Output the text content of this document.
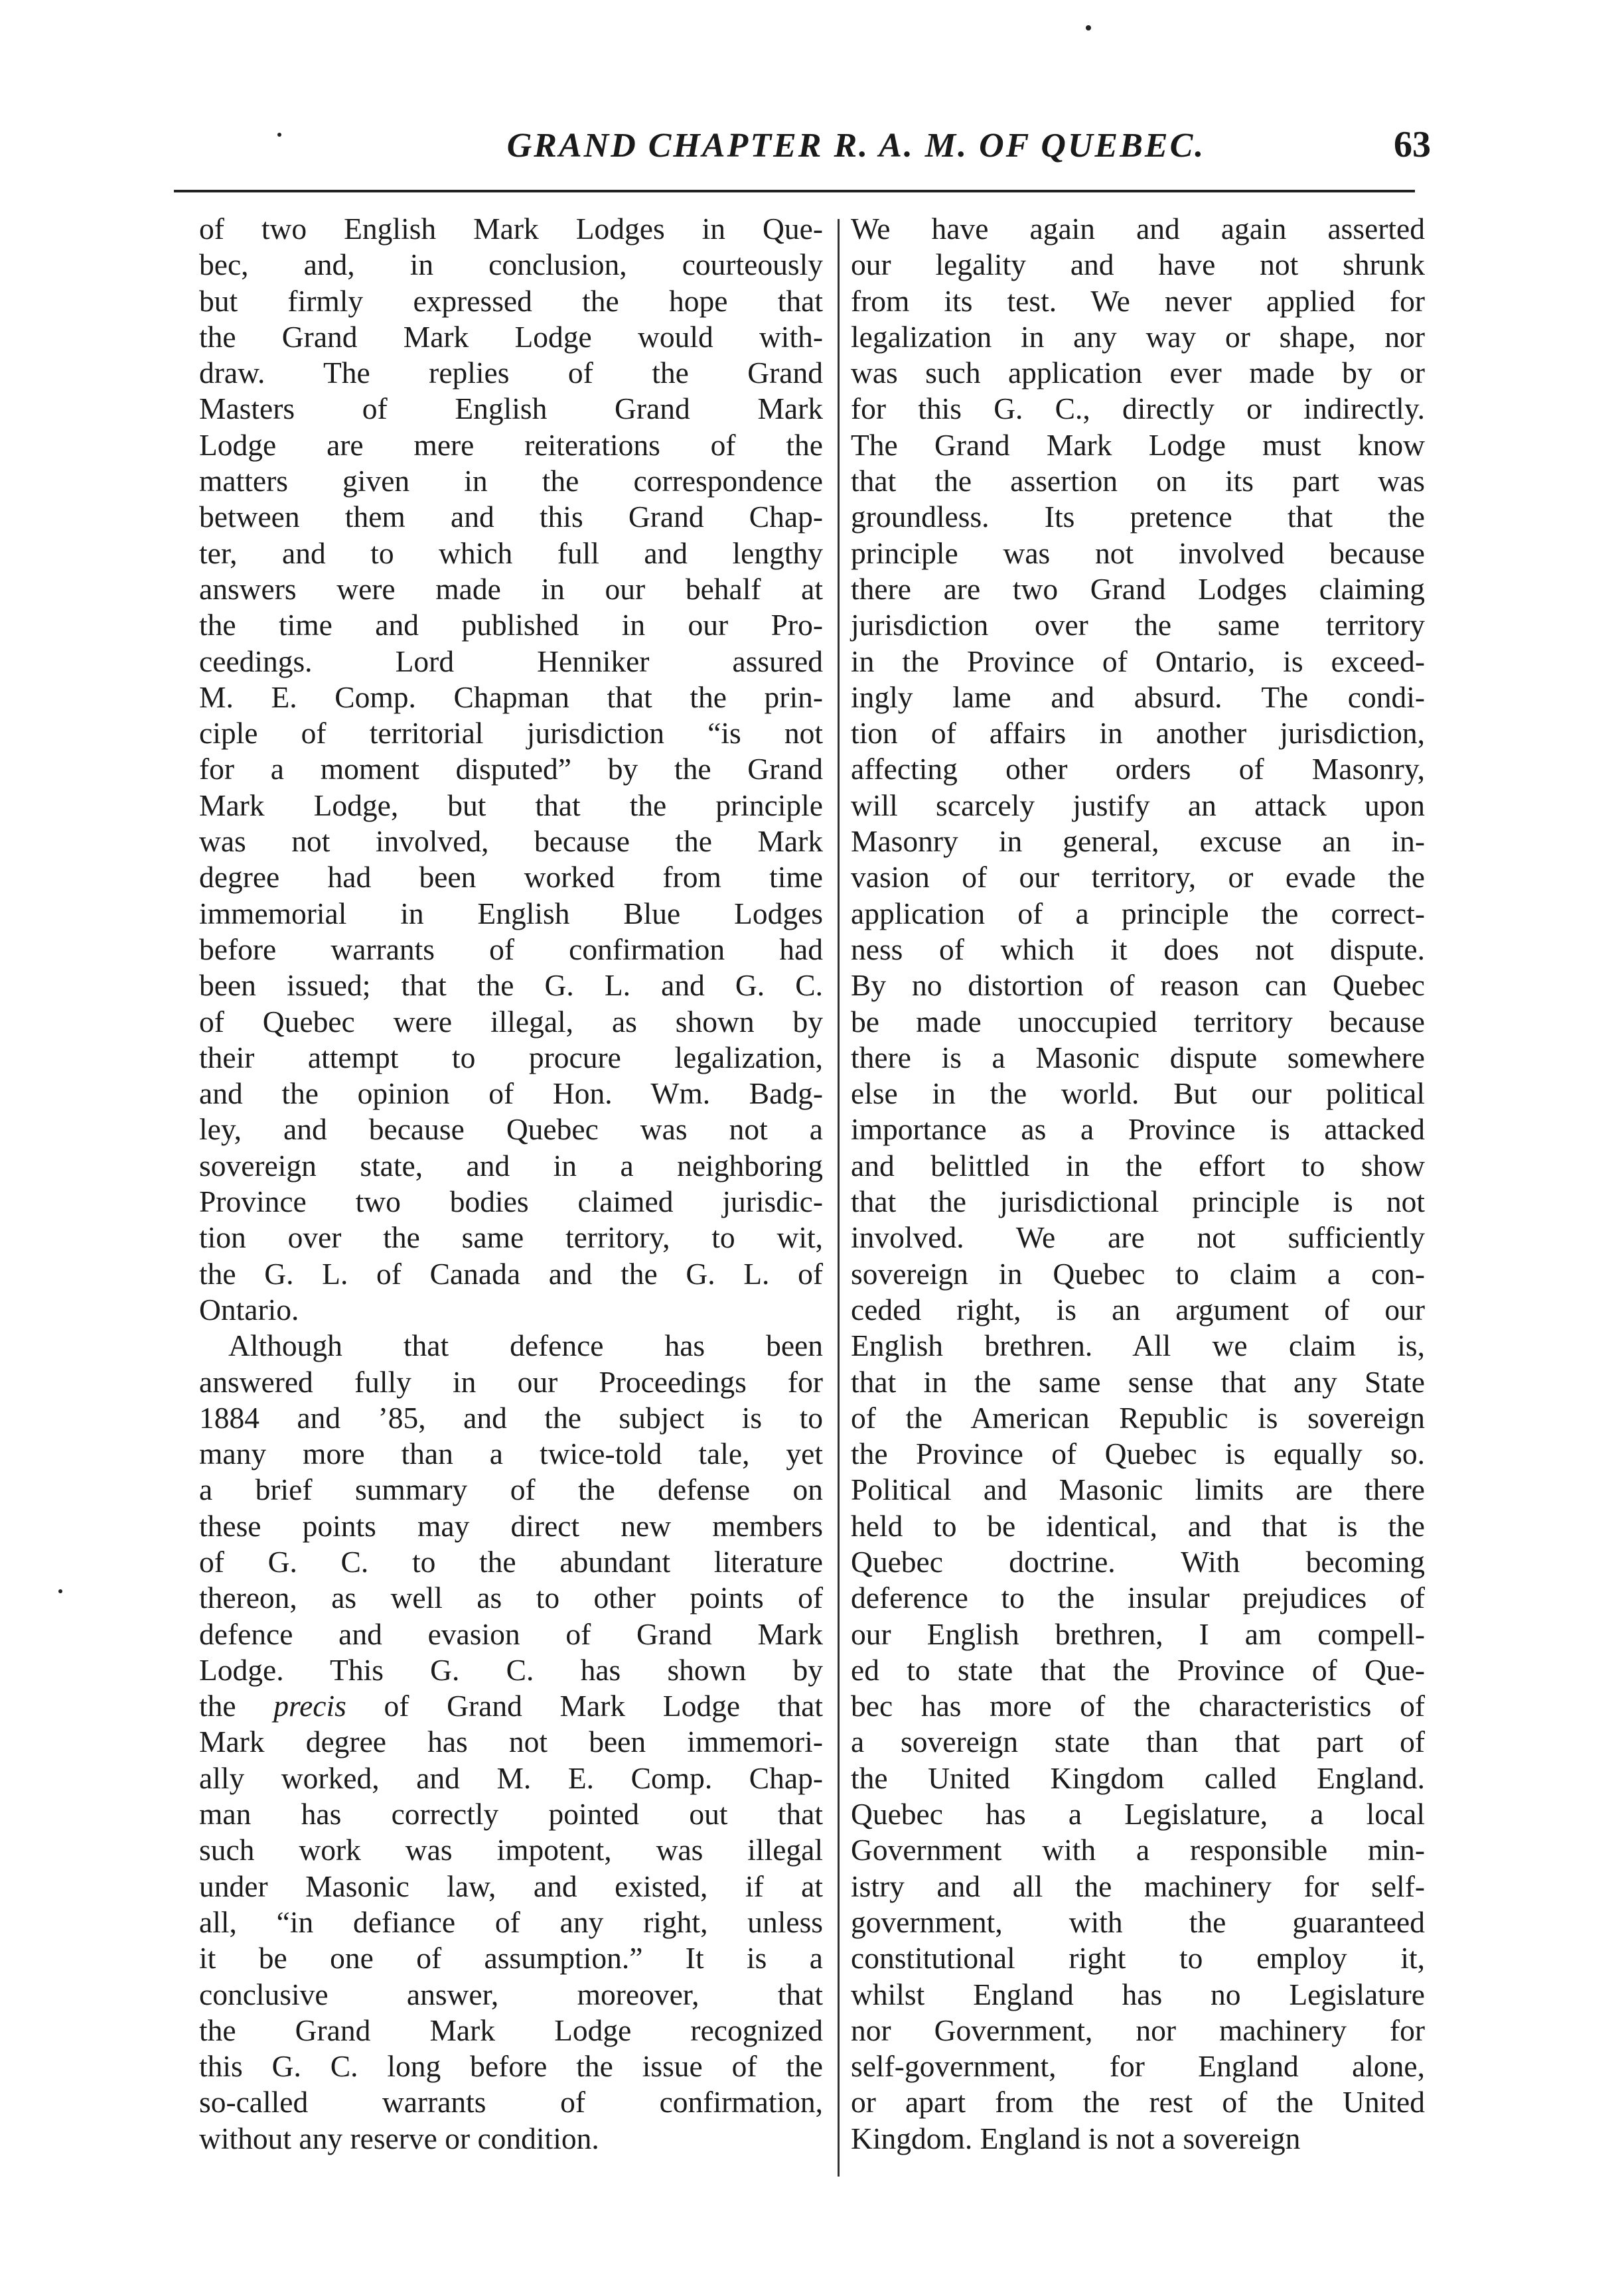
GRAND CHAPTER R. A. M. OF QUEBEC.	63
of two English Mark Lodges in Que-
bec, and, in conclusion, courteously
but firmly expressed the hope that
the Grand Mark Lodge would with-
draw. The replies of the Grand
Masters of English Grand Mark
Lodge are mere reiterations of the
matters given in the correspondence
between them and this Grand Chap-
ter, and to which full and lengthy
answers were made in our behalf at
the time and published in our Pro-
ceedings. Lord Henniker assured
M. E. Comp. Chapman that the prin-
ciple of territorial jurisdiction “is not
for a moment disputed” by the Grand
Mark Lodge, but that the principle
was not involved, because the Mark
degree had been worked from time
immemorial in English Blue Lodges
before warrants of confirmation had
been issued; that the G. L. and G. C.
of Quebec were illegal, as shown by
their attempt to procure legalization,
and the opinion of Hon. Wm. Badg-
ley, and because Quebec was not a
sovereign state, and in a neighboring
Province two bodies claimed jurisdic-
tion over the same territory, to wit,
the G. L. of Canada and the G. L. of
Ontario.
Although that defence has been
answered fully in our Proceedings for
1884 and ’85, and the subject is to
many more than a twice-told tale, yet
a brief summary of the defense on
these points may direct new members
of G. C. to the abundant literature
thereon, as well as to other points of
defence and evasion of Grand Mark
Lodge. This G. C. has shown by
the precis of Grand Mark Lodge that
Mark degree has not been immemori-
ally worked, and M. E. Comp. Chap-
man has correctly pointed out that
such work was impotent, was illegal
under Masonic law, and existed, if at
all, “in defiance of any right, unless
it be one of assumption.” It is a
conclusive answer, moreover, that
the Grand Mark Lodge recognized
this G. C. long before the issue of the
so-called warrants of confirmation,
without any reserve or condition.
We have again and again asserted
our legality and have not shrunk
from its test. We never applied for
legalization in any way or shape, nor
was such application ever made by or
for this G. C., directly or indirectly.
The Grand Mark Lodge must know
that the assertion on its part was
groundless. Its pretence that the
principle was not involved because
there are two Grand Lodges claiming
jurisdiction over the same territory
in the Province of Ontario, is exceed-
ingly lame and absurd. The condi-
tion of affairs in another jurisdiction,
affecting other orders of Masonry,
will scarcely justify an attack upon
Masonry in general, excuse an in-
vasion of our territory, or evade the
application of a principle the correct-
ness of which it does not dispute.
By no distortion of reason can Quebec
be made unoccupied territory because
there is a Masonic dispute somewhere
else in the world. But our political
importance as a Province is attacked
and belittled in the effort to show
that the jurisdictional principle is not
involved. We are not sufficiently
sovereign in Quebec to claim a con-
ceded right, is an argument of our
English brethren. All we claim is,
that in the same sense that any State
of the American Republic is sovereign
the Province of Quebec is equally so.
Political and Masonic limits are there
held to be identical, and that is the
Quebec doctrine. With becoming
deference to the insular prejudices of
our English brethren, I am compell-
ed to state that the Province of Que-
bec has more of the characteristics of
a sovereign state than that part of
the United Kingdom called England.
Quebec has a Legislature, a local
Government with a responsible min-
istry and all the machinery for self-
government, with the guaranteed
constitutional right to employ it,
whilst England has no Legislature
nor Government, nor machinery for
self-government, for England alone,
or apart from the rest of the United
Kingdom. England is not a sovereign
